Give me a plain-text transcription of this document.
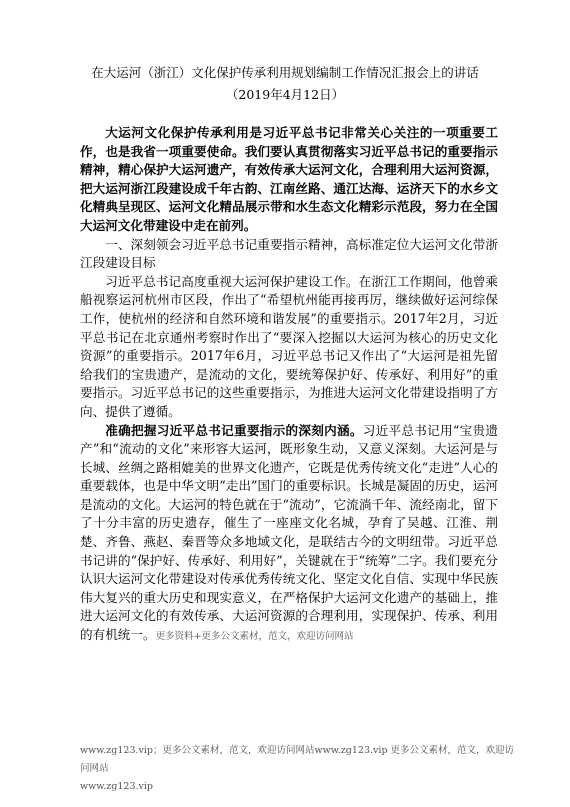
在大运河（浙江）文化保护传承利用规划编制工作情况汇报会上的讲话
（2019年4月12日）

大运河文化保护传承利用是习近平总书记非常关心关注的一项重要工作，也是我省一项重要使命。我们要认真贯彻落实习近平总书记的重要指示精神，精心保护大运河遗产，有效传承大运河文化，合理利用大运河资源，把大运河浙江段建设成千年古韵、江南丝路、通江达海、运济天下的水乡文化精典呈现区、运河文化精品展示带和水生态文化精彩示范段，努力在全国大运河文化带建设中走在前列。

一、深刻领会习近平总书记重要指示精神，高标准定位大运河文化带浙江段建设目标

习近平总书记高度重视大运河保护建设工作。在浙江工作期间，他曾乘船视察运河杭州市区段，作出了“希望杭州能再接再厉，继续做好运河综保工作，使杭州的经济和自然环境和谐发展”的重要指示。2017年2月，习近平总书记在北京通州考察时作出了“要深入挖掘以大运河为核心的历史文化资源”的重要指示。2017年6月，习近平总书记又作出了“大运河是祖先留给我们的宝贵遗产，是流动的文化，要统筹保护好、传承好、利用好”的重要指示。习近平总书记的这些重要指示，为推进大运河文化带建设指明了方向、提供了遵循。

准确把握习近平总书记重要指示的深刻内涵。习近平总书记用“宝贵遗产”和“流动的文化”来形容大运河，既形象生动，又意义深刻。大运河是与长城、丝绸之路相媲美的世界文化遗产，它既是优秀传统文化“走进”人心的重要载体，也是中华文明“走出”国门的重要标识。长城是凝固的历史，运河是流动的文化。大运河的特色就在于“流动”，它流淌千年、流经南北，留下了十分丰富的历史遗存，催生了一座座文化名城，孕育了吴越、江淮、荆楚、齐鲁、燕赵、秦晋等众多地域文化，是联结古今的文明纽带。习近平总书记讲的“保护好、传承好、利用好”，关键就在于“统筹”二字。我们要充分认识大运河文化带建设对传承优秀传统文化、坚定文化自信、实现中华民族伟大复兴的重大历史和现实意义，在严格保护大运河文化遗产的基础上，推进大运河文化的有效传承、大运河资源的合理利用，实现保护、传承、利用的有机统一。更多资料+更多公文素材，范文，欢迎访问网站

www.zg123.vip；更多公文素材，范文，欢迎访问网站www.zg123.vip 更多公文素材，范文，欢迎访问网站
www.zg123.vip
